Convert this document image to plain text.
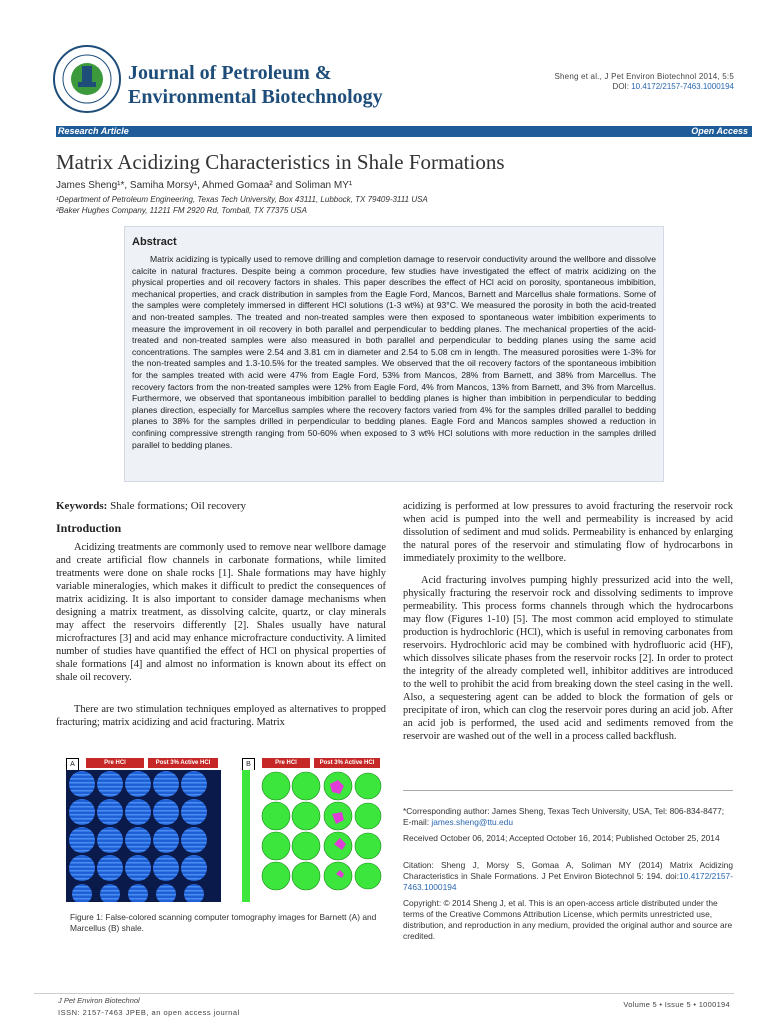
Journal of Petroleum &
Environmental Biotechnology
Sheng et al., J Pet Environ Biotechnol 2014, 5:5
DOI: 10.4172/2157-7463.1000194
Research Article	Open Access
Matrix Acidizing Characteristics in Shale Formations
James Sheng¹*, Samiha Morsy¹, Ahmed Gomaa² and Soliman MY¹
¹Department of Petroleum Engineering, Texas Tech University, Box 43111, Lubbock, TX 79409-3111 USA
²Baker Hughes Company, 11211 FM 2920 Rd, Tomball, TX 77375 USA
Abstract

Matrix acidizing is typically used to remove drilling and completion damage to reservoir conductivity around the wellbore and dissolve calcite in natural fractures. Despite being a common procedure, few studies have investigated the effect of matrix acidizing on the physical properties and oil recovery factors in shales. This paper describes the effect of HCl acid on porosity, spontaneous imbibition, mechanical properties, and crack distribution in samples from the Eagle Ford, Mancos, Barnett and Marcellus shale formations. Some of the samples were completely immersed in different HCl solutions (1-3 wt%) at 93°C. We measured the porosity in both the acid-treated and non-treated samples. The treated and non-treated samples were then exposed to spontaneous water imbibition experiments to measure the improvement in oil recovery in both parallel and perpendicular to bedding planes. The mechanical properties of the acid-treated and non-treated samples were also measured in both parallel and perpendicular to bedding planes using the same acid concentrations. The samples were 2.54 and 3.81 cm in diameter and 2.54 to 5.08 cm in length. The measured porosities were 1-3% for the non-treated samples and 1.3-10.5% for the treated samples. We observed that the oil recovery factors of the spontaneous imbibition for the samples treated with acid were 47% from Eagle Ford, 53% from Mancos, 28% from Barnett, and 38% from Marcellus. The recovery factors from the non-treated samples were 12% from Eagle Ford, 4% from Mancos, 13% from Barnett, and 3% from Marcellus. Furthermore, we observed that spontaneous imbibition parallel to bedding planes is higher than imbibition in perpendicular to bedding planes direction, especially for Marcellus samples where the recovery factors varied from 4% for the samples drilled parallel to bedding planes to 38% for the samples drilled in perpendicular to bedding planes. Eagle Ford and Mancos samples showed a reduction in confining compressive strength ranging from 50-60% when exposed to 3 wt% HCl solutions with more reduction in the samples drilled parallel to bedding planes.

Keywords: Shale formations; Oil recovery
Introduction

Acidizing treatments are commonly used to remove near wellbore damage and create artificial flow channels in carbonate formations, while limited treatments were done on shale rocks [1]. Shale formations may have highly variable mineralogies, which makes it difficult to predict the consequences of matrix acidizing. It is also important to consider damage mechanisms when designing a matrix treatment, as dissolving calcite, quartz, or clay minerals may affect the reservoirs differently [2]. Shales usually have natural microfractures [3] and acid may enhance microfracture conductivity. A limited number of studies have quantified the effect of HCl on physical properties of shale formations [4] and almost no information is known about its effect on shale oil recovery.

There are two stimulation techniques employed as alternatives to propped fracturing; matrix acidizing and acid fracturing. Matrix

acidizing is performed at low pressures to avoid fracturing the reservoir rock when acid is pumped into the well and permeability is increased by acid dissolution of sediment and mud solids. Permeability is enhanced by enlarging the natural pores of the reservoir and stimulating flow of hydrocarbons in immediately proximity to the wellbore.

Acid fracturing involves pumping highly pressurized acid into the well, physically fracturing the reservoir rock and dissolving sediments to improve permeability. This process forms channels through which the hydrocarbons may flow (Figures 1-10) [5]. The most common acid employed to stimulate production is hydrochloric (HCl), which is useful in removing carbonates from reservoirs. Hydrochloric acid may be combined with hydrofluoric acid (HF), which dissolves silicate phases from the reservoir rocks [2]. In order to protect the integrity of the already completed well, inhibitor additives are introduced to the well to prohibit the acid from breaking down the steel casing in the well. Also, a sequestering agent can be added to block the formation of gels or precipitate of iron, which can clog the reservoir pores during an acid job. After an acid job is performed, the used acid and sediments removed from the reservoir are washed out of the well in a process called backflush.

A	Pre HCl	Post 3% Active HCl	B	Pre HCl	Post 3% Active HCl
Figure 1: False-colored scanning computer tomography images for Barnett (A) and Marcellus (B) shale.
*Corresponding author: James Sheng, Texas Tech University, USA, Tel: 806-834-8477; E-mail: james.sheng@ttu.edu
Received October 06, 2014; Accepted October 16, 2014; Published October 25, 2014
Citation: Sheng J, Morsy S, Gomaa A, Soliman MY (2014) Matrix Acidizing Characteristics in Shale Formations. J Pet Environ Biotechnol 5: 194. doi:10.4172/2157-7463.1000194
Copyright: © 2014 Sheng J, et al. This is an open-access article distributed under the terms of the Creative Commons Attribution License, which permits unrestricted use, distribution, and reproduction in any medium, provided the original author and source are credited.
J Pet Environ Biotechnol
ISSN: 2157-7463 JPEB, an open access journal
Volume 5 • Issue 5 • 1000194
